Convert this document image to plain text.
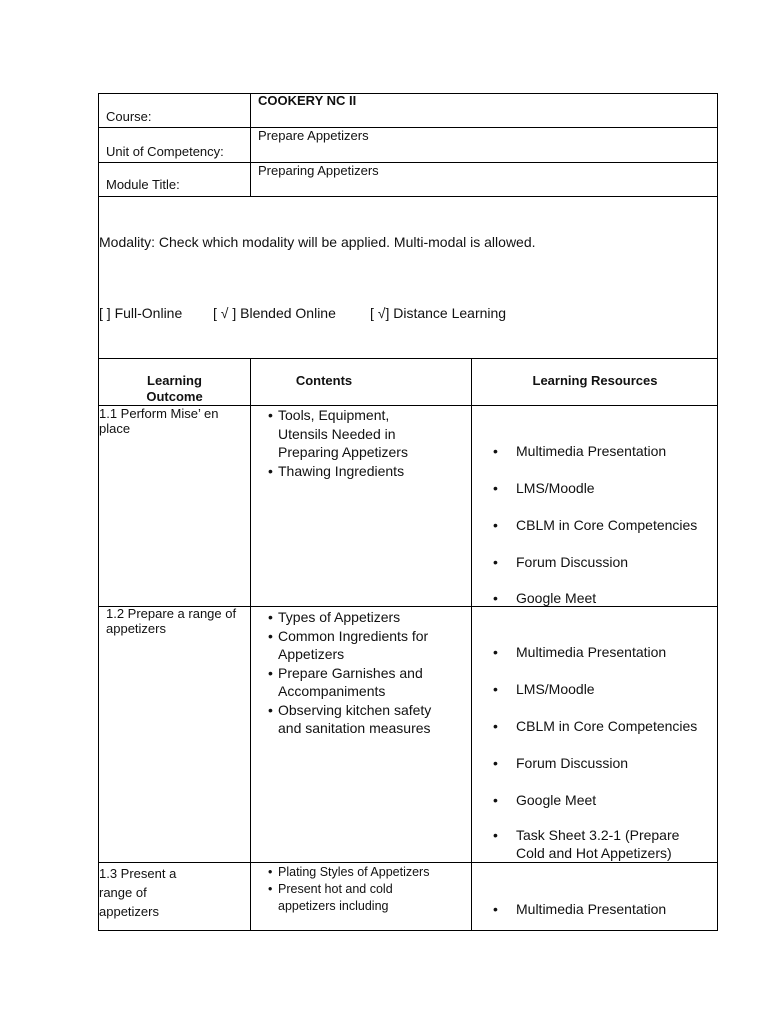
Course:
COOKERY NC II
Unit of Competency:
Prepare Appetizers
Module Title:
Preparing Appetizers
Modality: Check which modality will be applied. Multi-modal is allowed.
[ ] Full-Online [ √ ] Blended Online [ √] Distance Learning
Learning
Outcome
Contents	Learning Resources
1.1 Perform Mise’ en
place
• Tools, Equipment,
Utensils Needed in
Preparing Appetizers
• Thawing Ingredients
• Multimedia Presentation
• LMS/Moodle
• CBLM in Core Competencies
• Forum Discussion
• Google Meet
1.2 Prepare a range of
appetizers
• Types of Appetizers
• Common Ingredients for
Appetizers
• Prepare Garnishes and
Accompaniments
• Observing kitchen safety
and sanitation measures
• Multimedia Presentation
• LMS/Moodle
• CBLM in Core Competencies
• Forum Discussion
• Google Meet
• Task Sheet 3.2-1 (Prepare
Cold and Hot Appetizers)
1.3 Present a
range of
appetizers
• Plating Styles of Appetizers
• Present hot and cold
appetizers including
•	Multimedia Presentation
